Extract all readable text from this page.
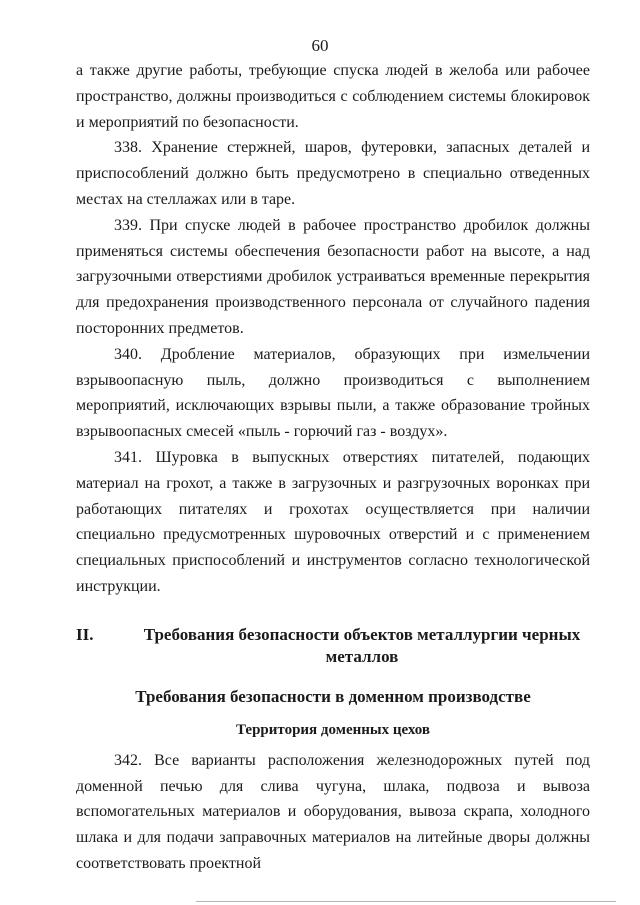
60

а также другие работы, требующие спуска людей в желоба или рабочее пространство, должны производиться с соблюдением системы блокировок и мероприятий по безопасности.

338. Хранение стержней, шаров, футеровки, запасных деталей и приспособлений должно быть предусмотрено в специально отведенных местах на стеллажах или в таре.

339. При спуске людей в рабочее пространство дробилок должны применяться системы обеспечения безопасности работ на высоте, а над загрузочными отверстиями дробилок устраиваться временные перекрытия для предохранения производственного персонала от случайного падения посторонних предметов.

340. Дробление материалов, образующих при измельчении взрывоопасную пыль, должно производиться с выполнением мероприятий, исключающих взрывы пыли, а также образование тройных взрывоопасных смесей «пыль - горючий газ - воздух».

341. Шуровка в выпускных отверстиях питателей, подающих материал на грохот, а также в загрузочных и разгрузочных воронках при работающих питателях и грохотах осуществляется при наличии специально предусмотренных шуровочных отверстий и с применением специальных приспособлений и инструментов согласно технологической инструкции.

II.	Требования безопасности объектов металлургии черных металлов
Требования безопасности в доменном производстве
Территория доменных цехов

342. Все варианты расположения железнодорожных путей под доменной печью для слива чугуна, шлака, подвоза и вывоза вспомогательных материалов и оборудования, вывоза скрапа, холодного шлака и для подачи заправочных материалов на литейные дворы должны соответствовать проектной
